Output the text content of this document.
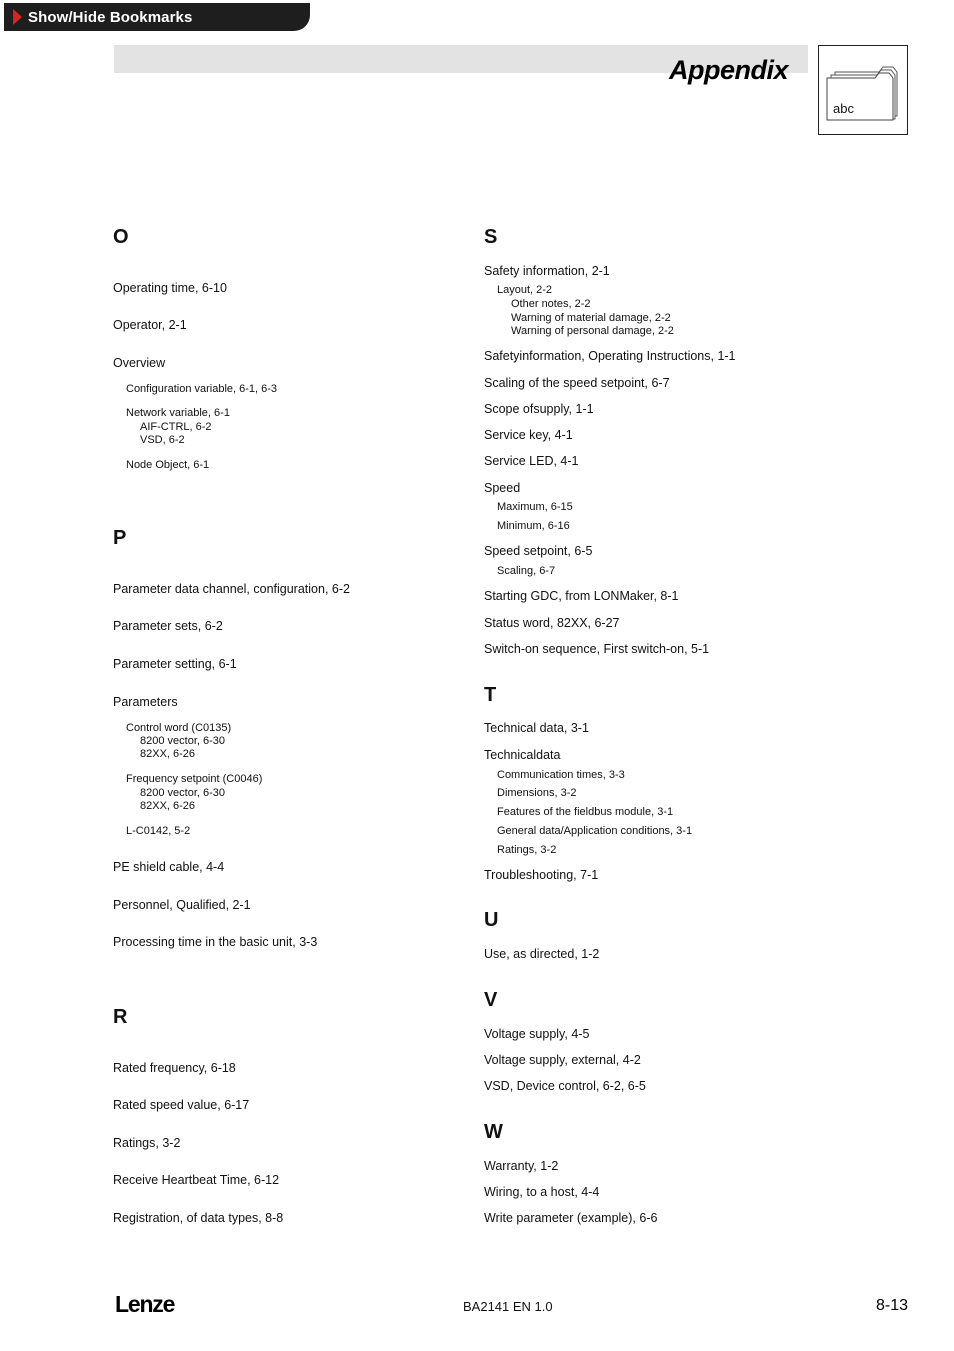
Show/Hide Bookmarks
Appendix
abc
O
Operating time, 6-10
Operator, 2-1
Overview
Configuration variable, 6-1, 6-3
Network variable, 6-1
AIF-CTRL, 6-2
VSD, 6-2
Node Object, 6-1
P
Parameter data channel, configuration, 6-2
Parameter sets, 6-2
Parameter setting, 6-1
Parameters
Control word (C0135)
8200 vector, 6-30
82XX, 6-26
Frequency setpoint (C0046)
8200 vector, 6-30
82XX, 6-26
L-C0142, 5-2
PE shield cable, 4-4
Personnel, Qualified, 2-1
Processing time in the basic unit, 3-3
R
Rated frequency, 6-18
Rated speed value, 6-17
Ratings, 3-2
Receive Heartbeat Time, 6-12
Registration, of data types, 8-8
S
Safety information, 2-1
Layout, 2-2
Other notes, 2-2
Warning of material damage, 2-2
Warning of personal damage, 2-2
Safetyinformation, Operating Instructions, 1-1
Scaling of the speed setpoint, 6-7
Scope ofsupply, 1-1
Service key, 4-1
Service LED, 4-1
Speed
Maximum, 6-15
Minimum, 6-16
Speed setpoint, 6-5
Scaling, 6-7
Starting GDC, from LONMaker, 8-1
Status word, 82XX, 6-27
Switch-on sequence, First switch-on, 5-1
T
Technical data, 3-1
Technicaldata
Communication times, 3-3
Dimensions, 3-2
Features of the fieldbus module, 3-1
General data/Application conditions, 3-1
Ratings, 3-2
Troubleshooting, 7-1
U
Use, as directed, 1-2
V
Voltage supply, 4-5
Voltage supply, external, 4-2
VSD, Device control, 6-2, 6-5
W
Warranty, 1-2
Wiring, to a host, 4-4
Write parameter (example), 6-6
Lenze	BA2141 EN 1.0	8-13
